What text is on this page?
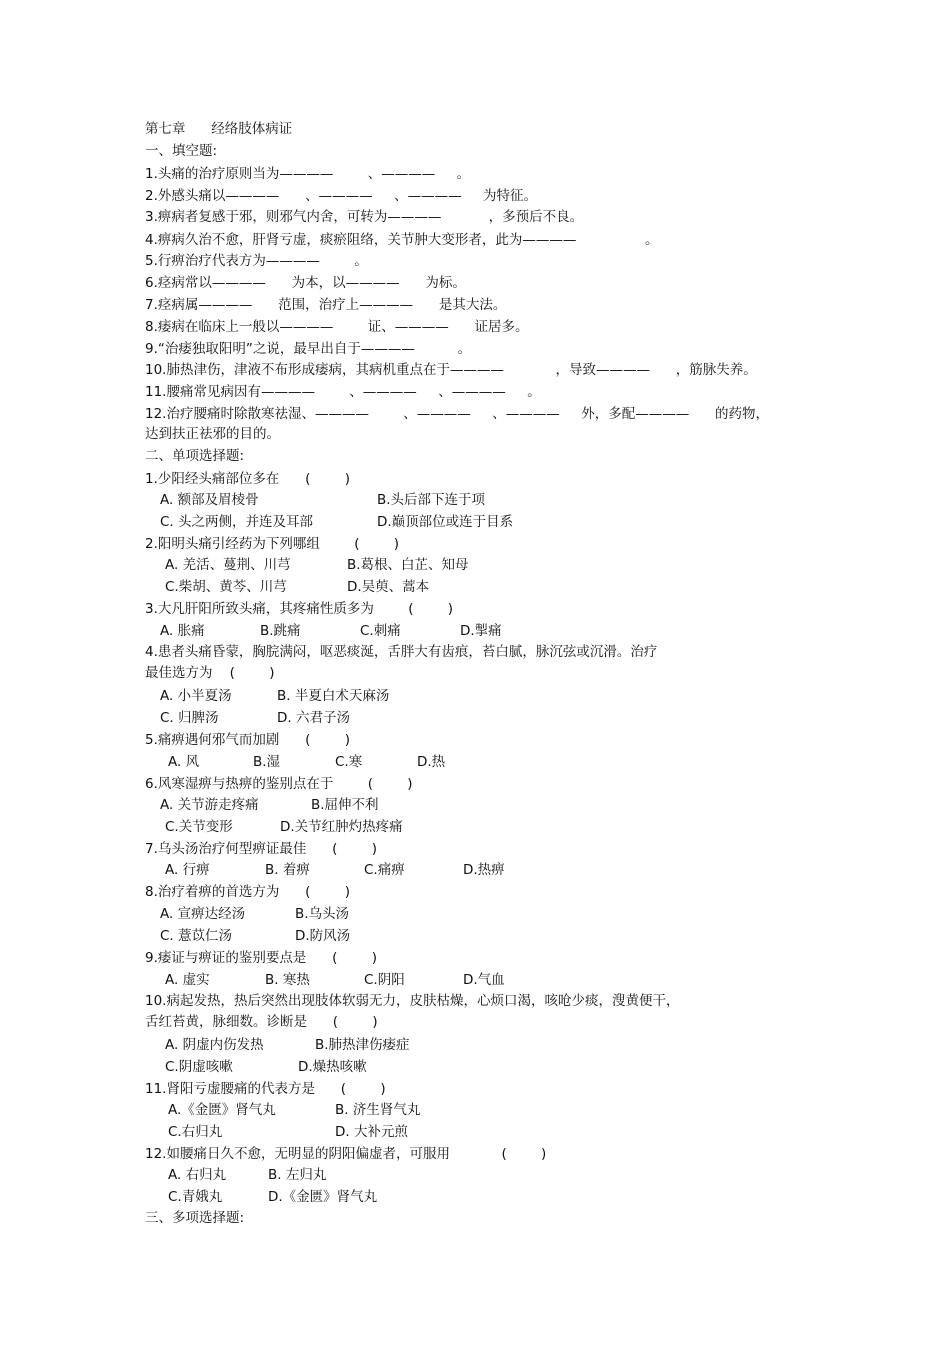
第七章      经络肢体病证
一、填空题:
1.头痛的治疗原则当为————        、————     。
2.外感头痛以————      、————     、————     为特征。
3.痹病者复感于邪，则邪气内舍，可转为————           ，多预后不良。
4.痹病久治不愈，肝肾亏虚，痰瘀阻络，关节肿大变形者，此为————                。
5.行痹治疗代表方为————        。
6.痉病常以————      为本，以————      为标。
7.痉病属————      范围，治疗上————      是其大法。
8.痿病在临床上一般以————        证、————      证居多。
9.“治痿独取阳明”之说，最早出自于————          。
10.肺热津伤，津液不布形成痿病，其病机重点在于————            ，导致————      ，筋脉失养。
11.腰痛常见病因有————        、————     、————     。
12.治疗腰痛时除散寒祛湿、————        、————     、————     外，多配————      的药物，
达到扶正祛邪的目的。
二、单项选择题:
1.少阳经头痛部位多在      (        )
A. 额部及眉棱骨	B.头后部下连于项
C. 头之两侧，并连及耳部	D.巅顶部位或连于目系
2.阳明头痛引经药为下列哪组        (        )
A. 羌活、蔓荆、川芎	B.葛根、白芷、知母
C.柴胡、黄芩、川芎	D.吴萸、蒿本
3.大凡肝阳所致头痛，其疼痛性质多为        (        )
A. 胀痛	B.跳痛	C.刺痛	D.掣痛
4.患者头痛昏蒙，胸脘满闷，呕恶痰涎，舌胖大有齿痕，苔白腻，脉沉弦或沉滑。治疗
最佳选方为    (        )
A. 小半夏汤	B. 半夏白术天麻汤
C. 归脾汤	D. 六君子汤
5.痛痹遇何邪气而加剧      (        )
A. 风	B.湿	C.寒	D.热
6.风寒湿痹与热痹的鉴别点在于        (        )
A. 关节游走疼痛	B.屈伸不利
C.关节变形	D.关节红肿灼热疼痛
7.乌头汤治疗何型痹证最佳      (        )
A. 行痹	B. 着痹	C.痛痹	D.热痹
8.治疗着痹的首选方为      (        )
A. 宣痹达经汤	B.乌头汤
C. 薏苡仁汤	D.防风汤
9.痿证与痹证的鉴别要点是      (        )
A. 虚实	B. 寒热	C.阴阳	D.气血
10.病起发热，热后突然出现肢体软弱无力，皮肤枯燥，心烦口渴，咳呛少痰，溲黄便干，
舌红苔黄，脉细数。诊断是      (        )
A. 阴虚内伤发热	B.肺热津伤痿症
C.阴虚咳嗽	D.燥热咳嗽
11.肾阳亏虚腰痛的代表方是      (        )
A.《金匮》肾气丸	B. 济生肾气丸
C.右归丸	D. 大补元煎
12.如腰痛日久不愈，无明显的阴阳偏虚者，可服用            (        )
A. 右归丸	B. 左归丸
C.青娥丸	D.《金匮》肾气丸
三、多项选择题:
